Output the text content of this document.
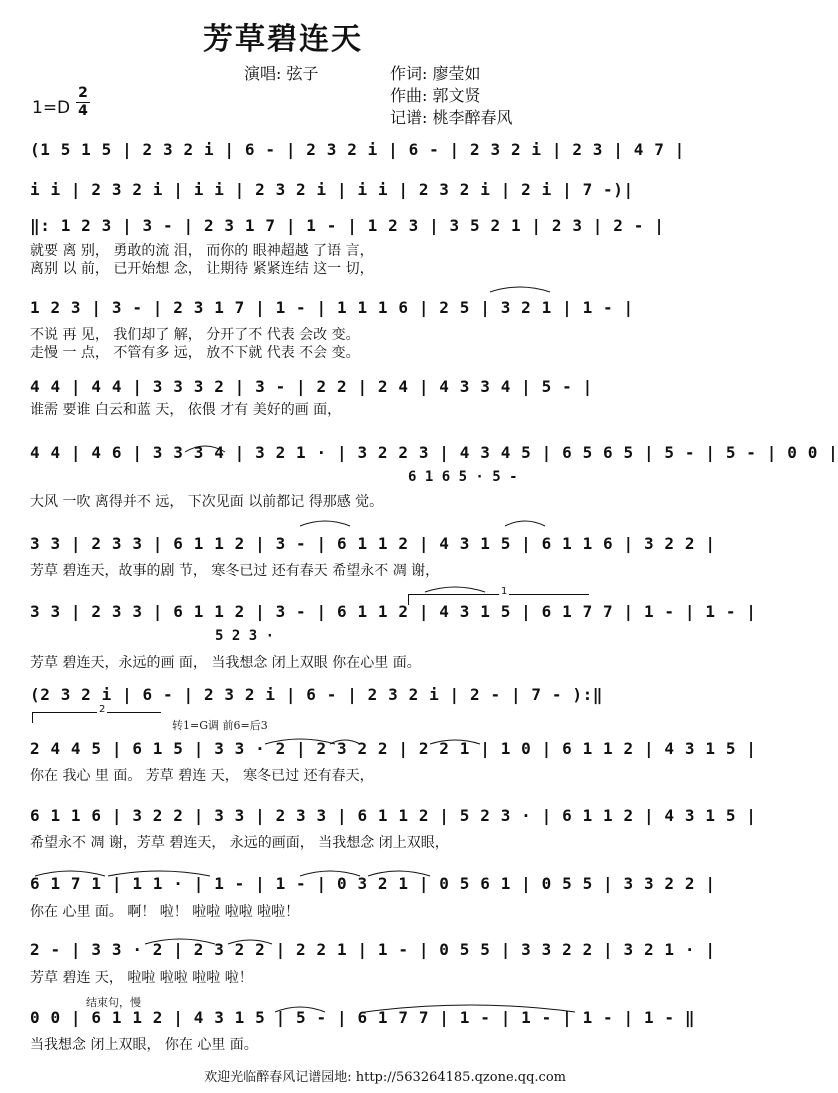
芳草碧连天
演唱: 弦子	作词: 廖莹如
作曲: 郭文贤
记谱: 桃李醉春风
1=D
2
4
(1 5 1 5 | 2 3 2 i | 6 - | 2 3 2 i | 6 - | 2 3 2 i | 2 3 | 4 7 |
i i | 2 3 2 i | i i | 2 3 2 i | i i | 2 3 2 i | 2 i | 7 -)|
‖: 1 2 3 | 3 - | 2 3 1 7 | 1 - | 1 2 3 | 3 5 2 1 | 2 3 | 2 - |
就要 离 别， 勇敢的流 泪， 而你的 眼神超越 了语 言，
离别 以 前， 已开始想 念， 让期待 紧紧连结 这一 切，
1 2 3 | 3 - | 2 3 1 7 | 1 - | 1 1 1 6 | 2 5 | 3 2 1 | 1 - |
不说 再 见， 我们却了 解， 分开了不 代表 会改 变。
走慢 一 点， 不管有多 远， 放不下就 代表 不会 变。
4 4 | 4 4 | 3 3 3 2 | 3 - | 2 2 | 2 4 | 4 3 3 4 | 5 - |
谁需 要谁 白云和蓝 天， 依偎 才有 美好的画 面，
4 4 | 4 6 | 3 3 3 4 | 3 2 1 · | 3 2 2 3 | 4 3 4 5 | 6 5 6 5 | 5 - | 5 - | 0 0 |
6 1 6 5 · 5 -
大风 一吹 离得并不 远， 下次见面 以前都记 得那感 觉。
3 3 | 2 3 3 | 6 1 1 2 | 3 - | 6 1 1 2 | 4 3 1 5 | 6 1 1 6 | 3 2 2 |
芳草 碧连天，故事的剧 节， 寒冬已过 还有春天 希望永不 凋 谢，
1
3 3 | 2 3 3 | 6 1 1 2 | 3 - | 6 1 1 2 | 4 3 1 5 | 6 1 7 7 | 1 - | 1 - |
5 2 3 ·
芳草 碧连天，永远的画 面， 当我想念 闭上双眼 你在心里 面。
(2 3 2 i | 6 - | 2 3 2 i | 6 - | 2 3 2 i | 2 - | 7 - ):‖
2
转1=G调 前6=后3
2 4 4 5 | 6 1 5 | 3 3 · 2 | 2 3 2 2 | 2 2 1 | 1 0 | 6 1 1 2 | 4 3 1 5 |
你在 我心 里 面。 芳草 碧连 天， 寒冬已过 还有春天，
6 1 1 6 | 3 2 2 | 3 3 | 2 3 3 | 6 1 1 2 | 5 2 3 · | 6 1 1 2 | 4 3 1 5 |
希望永不 凋 谢，芳草 碧连天， 永远的画面， 当我想念 闭上双眼，
6 1 7 1 | 1 1 · | 1 - | 1 - | 0 3 2 1 | 0 5 6 1 | 0 5 5 | 3 3 2 2 |
你在 心里 面。 啊！ 啦！ 啦啦 啦啦 啦啦！
2 - | 3 3 · 2 | 2 3 2 2 | 2 2 1 | 1 - | 0 5 5 | 3 3 2 2 | 3 2 1 · |
芳草 碧连 天， 啦啦 啦啦 啦啦 啦！
结束句，慢
0 0 | 6 1 1 2 | 4 3 1 5 | 5 - | 6 1 7 7 | 1 - | 1 - | 1 - | 1 - ‖
当我想念 闭上双眼， 你在 心里 面。
欢迎光临醉春风记谱园地: http://563264185.qzone.qq.com
